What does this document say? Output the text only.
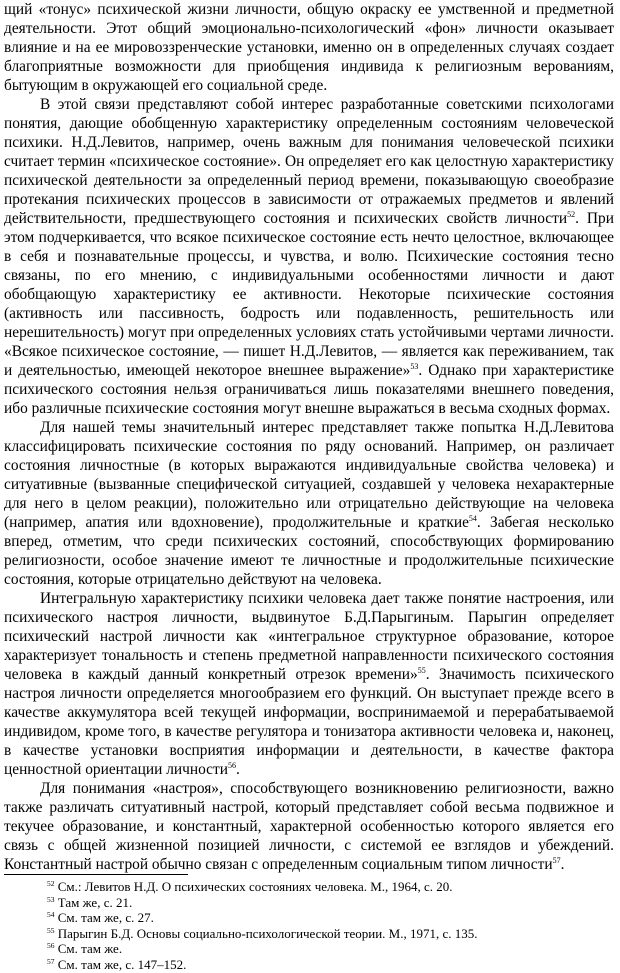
щий «тонус» психической жизни личности, общую окраску ее умственной и предметной деятельности. Этот общий эмоционально-психологический «фон» личности оказывает влияние и на ее мировоззренческие установки, именно он в определенных случаях создает благоприятные возможности для приобщения индивида к религиозным верованиям, бытующим в окружающей его социальной среде.

В этой связи представляют собой интерес разработанные советскими психологами понятия, дающие обобщенную характеристику определенным состояниям человеческой психики. Н.Д.Левитов, например, очень важным для понимания человеческой психики считает термин «психическое состояние». Он определяет его как целостную характеристику психической деятельности за определенный период времени, показывающую своеобразие протекания психических процессов в зависимости от отражаемых предметов и явлений действительности, предшествующего состояния и психических свойств личности$^{52}$. При этом подчеркивается, что всякое психическое состояние есть нечто целостное, включающее в себя и познавательные процессы, и чувства, и волю. Психические состояния тесно связаны, по его мнению, с индивидуальными особенностями личности и дают обобщающую характеристику ее активности. Некоторые психические состояния (активность или пассивность, бодрость или подавленность, решительность или нерешительность) могут при определенных условиях стать устойчивыми чертами личности. «Всякое психическое состояние, — пишет Н.Д.Левитов, — является как переживанием, так и деятельностью, имеющей некоторое внешнее выражение»$^{53}$. Однако при характеристике психического состояния нельзя ограничиваться лишь показателями внешнего поведения, ибо различные психические состояния могут внешне выражаться в весьма сходных формах.

Для нашей темы значительный интерес представляет также попытка Н.Д.Левитова классифицировать психические состояния по ряду оснований. Например, он различает состояния личностные (в которых выражаются индивидуальные свойства человека) и ситуативные (вызванные специфической ситуацией, создавшей у человека нехарактерные для него в целом реакции), положительно или отрицательно действующие на человека (например, апатия или вдохновение), продолжительные и краткие$^{54}$. Забегая несколько вперед, отметим, что среди психических состояний, способствующих формированию религиозности, особое значение имеют те личностные и продолжительные психические состояния, которые отрицательно действуют на человека.

Интегральную характеристику психики человека дает также понятие настроения, или психического настроя личности, выдвинутое Б.Д.Парыгиным. Парыгин определяет психический настрой личности как «интегральное структурное образование, которое характеризует тональность и степень предметной направленности психического состояния человека в каждый данный конкретный отрезок времени»$^{55}$. Значимость психического настроя личности определяется многообразием его функций. Он выступает прежде всего в качестве аккумулятора всей текущей информации, воспринимаемой и перерабатываемой индивидом, кроме того, в качестве регулятора и тонизатора активности человека и, наконец, в качестве установки восприятия информации и деятельности, в качестве фактора ценностной ориентации личности$^{56}$.

Для понимания «настроя», способствующего возникновению религиозности, важно также различать ситуативный настрой, который представляет собой весьма подвижное и текучее образование, и константный, характерной особенностью которого является его связь с общей жизненной позицией личности, с системой ее взглядов и убеждений. Константный настрой обычно связан с определенным социальным типом личности$^{57}$.

$^{52}$ См.: Левитов Н.Д. О психических состояниях человека. М., 1964, с. 20.

$^{53}$ Там же, с. 21.

$^{54}$ См. там же, с. 27.

$^{55}$ Парыгин Б.Д. Основы социально-психологической теории. М., 1971, с. 135.

$^{56}$ См. там же.

$^{57}$ См. там же, с. 147–152.
